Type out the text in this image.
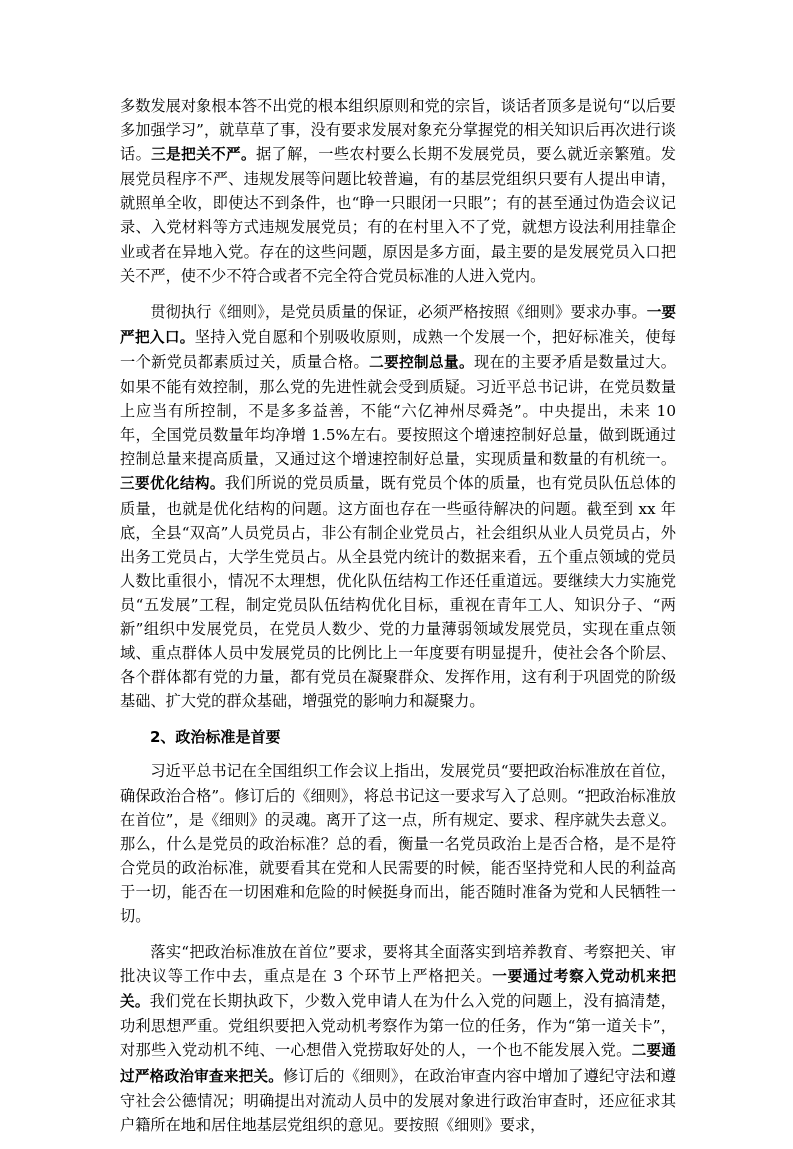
多数发展对象根本答不出党的根本组织原则和党的宗旨，谈话者顶多是说句“以后要多加强学习”，就草草了事，没有要求发展对象充分掌握党的相关知识后再次进行谈话。三是把关不严。据了解，一些农村要么长期不发展党员，要么就近亲繁殖。发展党员程序不严、违规发展等问题比较普遍，有的基层党组织只要有人提出申请，就照单全收，即使达不到条件，也“睁一只眼闭一只眼”；有的甚至通过伪造会议记录、入党材料等方式违规发展党员；有的在村里入不了党，就想方设法利用挂靠企业或者在异地入党。存在的这些问题，原因是多方面，最主要的是发展党员入口把关不严，使不少不符合或者不完全符合党员标准的人进入党内。

贯彻执行《细则》，是党员质量的保证，必须严格按照《细则》要求办事。一要严把入口。坚持入党自愿和个别吸收原则，成熟一个发展一个，把好标准关，使每一个新党员都素质过关，质量合格。二要控制总量。现在的主要矛盾是数量过大。如果不能有效控制，那么党的先进性就会受到质疑。习近平总书记讲，在党员数量上应当有所控制，不是多多益善，不能“六亿神州尽舜尧”。中央提出，未来 10 年，全国党员数量年均净增 1.5%左右。要按照这个增速控制好总量，做到既通过控制总量来提高质量，又通过这个增速控制好总量，实现质量和数量的有机统一。三要优化结构。我们所说的党员质量，既有党员个体的质量，也有党员队伍总体的质量，也就是优化结构的问题。这方面也存在一些亟待解决的问题。截至到 xx 年底，全县“双高”人员党员占，非公有制企业党员占，社会组织从业人员党员占，外出务工党员占，大学生党员占。从全县党内统计的数据来看，五个重点领域的党员人数比重很小，情况不太理想，优化队伍结构工作还任重道远。要继续大力实施党员“五发展”工程，制定党员队伍结构优化目标，重视在青年工人、知识分子、“两新”组织中发展党员，在党员人数少、党的力量薄弱领域发展党员，实现在重点领域、重点群体人员中发展党员的比例比上一年度要有明显提升，使社会各个阶层、各个群体都有党的力量，都有党员在凝聚群众、发挥作用，这有利于巩固党的阶级基础、扩大党的群众基础，增强党的影响力和凝聚力。

2、政治标准是首要

习近平总书记在全国组织工作会议上指出，发展党员“要把政治标准放在首位，确保政治合格”。修订后的《细则》，将总书记这一要求写入了总则。“把政治标准放在首位”，是《细则》的灵魂。离开了这一点，所有规定、要求、程序就失去意义。那么，什么是党员的政治标准？总的看，衡量一名党员政治上是否合格，是不是符合党员的政治标准，就要看其在党和人民需要的时候，能否坚持党和人民的利益高于一切，能否在一切困难和危险的时候挺身而出，能否随时准备为党和人民牺牲一切。

落实“把政治标准放在首位”要求，要将其全面落实到培养教育、考察把关、审批决议等工作中去，重点是在 3 个环节上严格把关。一要通过考察入党动机来把关。我们党在长期执政下，少数入党申请人在为什么入党的问题上，没有搞清楚，功利思想严重。党组织要把入党动机考察作为第一位的任务，作为“第一道关卡”，对那些入党动机不纯、一心想借入党捞取好处的人，一个也不能发展入党。二要通过严格政治审查来把关。修订后的《细则》，在政治审查内容中增加了遵纪守法和遵守社会公德情况；明确提出对流动人员中的发展对象进行政治审查时，还应征求其户籍所在地和居住地基层党组织的意见。要按照《细则》要求，
